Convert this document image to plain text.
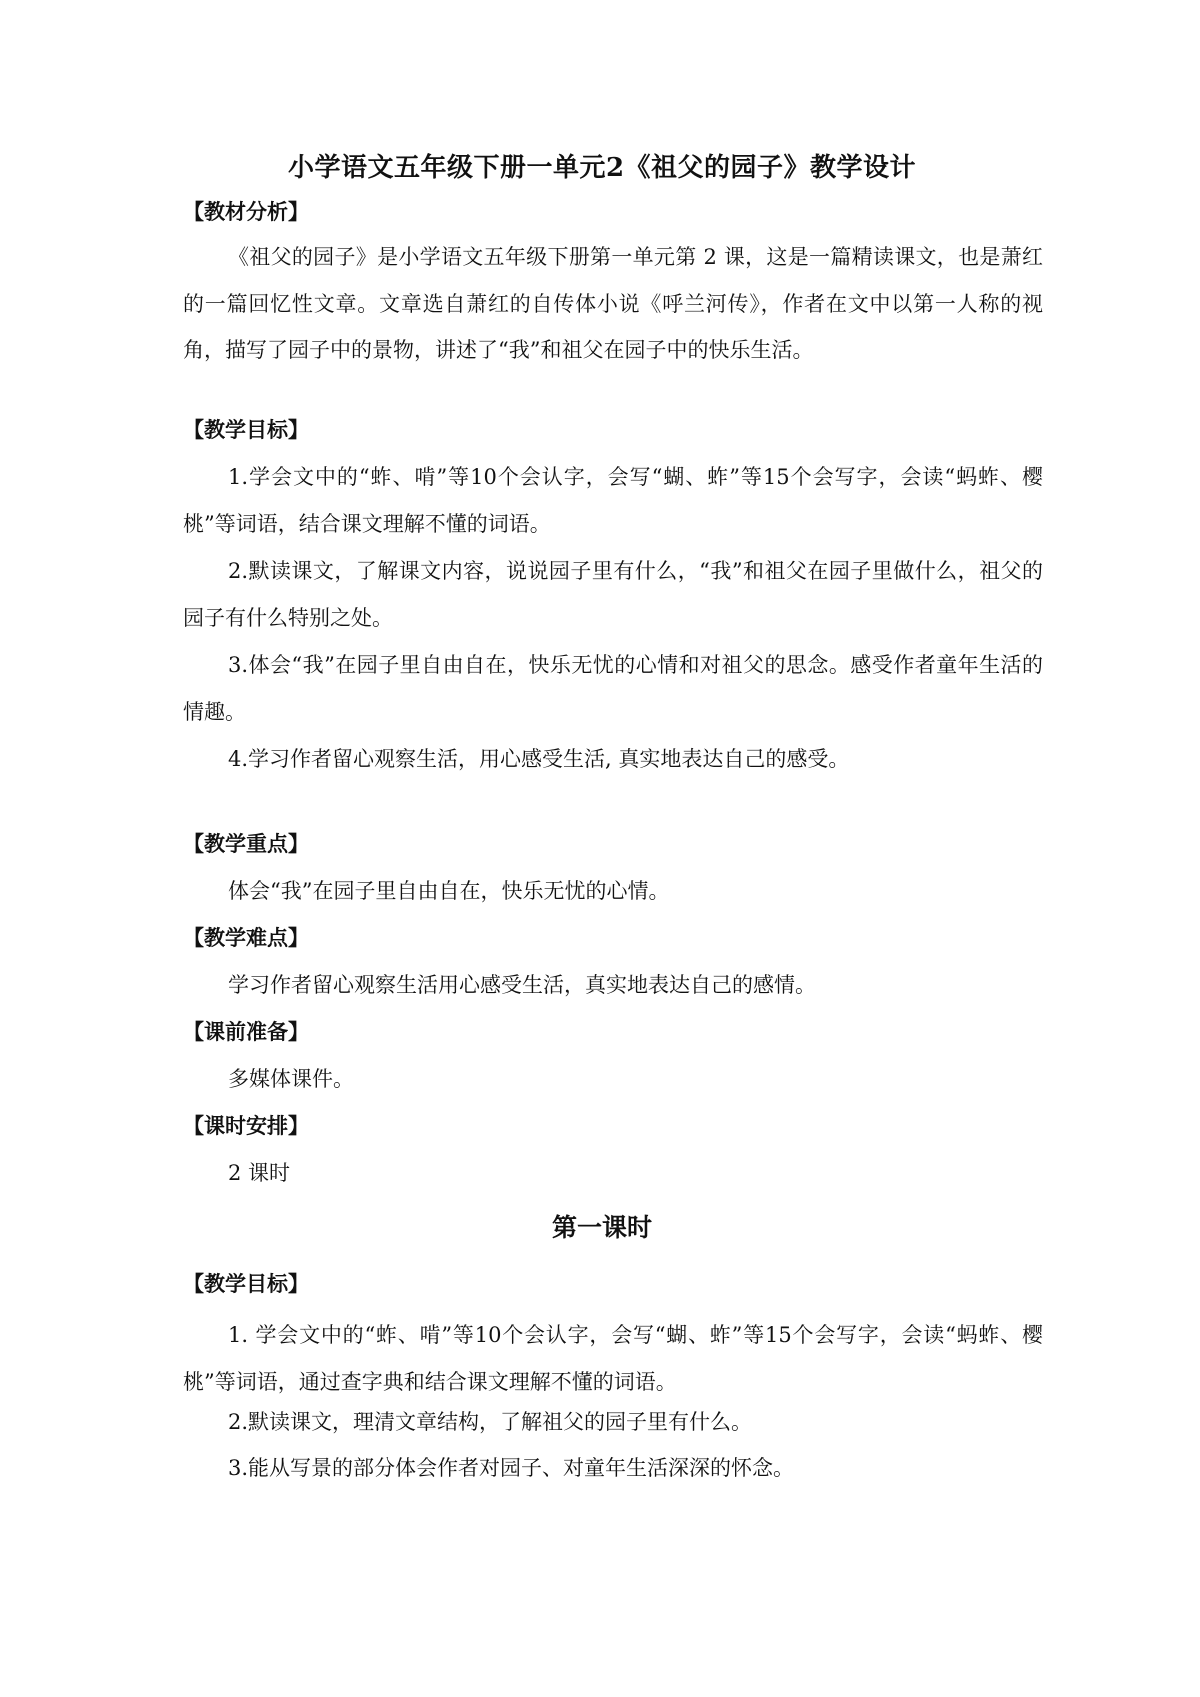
小学语文五年级下册一单元2《祖父的园子》教学设计
【教材分析】
《祖父的园子》是小学语文五年级下册第一单元第 2 课，这是一篇精读课文，也是萧红的一篇回忆性文章。文章选自萧红的自传体小说《呼兰河传》，作者在文中以第一人称的视角，描写了园子中的景物，讲述了“我”和祖父在园子中的快乐生活。
【教学目标】
1.学会文中的“蚱、啃”等10个会认字，会写“蝴、蚱”等15个会写字，会读“蚂蚱、樱桃”等词语，结合课文理解不懂的词语。
2.默读课文，了解课文内容，说说园子里有什么，“我”和祖父在园子里做什么，祖父的园子有什么特别之处。
3.体会“我”在园子里自由自在，快乐无忧的心情和对祖父的思念。感受作者童年生活的情趣。
4.学习作者留心观察生活，用心感受生活, 真实地表达自己的感受。
【教学重点】
体会“我”在园子里自由自在，快乐无忧的心情。
【教学难点】
学习作者留心观察生活用心感受生活，真实地表达自己的感情。
【课前准备】
多媒体课件。
【课时安排】
2 课时
第一课时
【教学目标】
1. 学会文中的“蚱、啃”等10个会认字，会写“蝴、蚱”等15个会写字，会读“蚂蚱、樱桃”等词语，通过查字典和结合课文理解不懂的词语。
2.默读课文，理清文章结构，了解祖父的园子里有什么。
3.能从写景的部分体会作者对园子、对童年生活深深的怀念。
